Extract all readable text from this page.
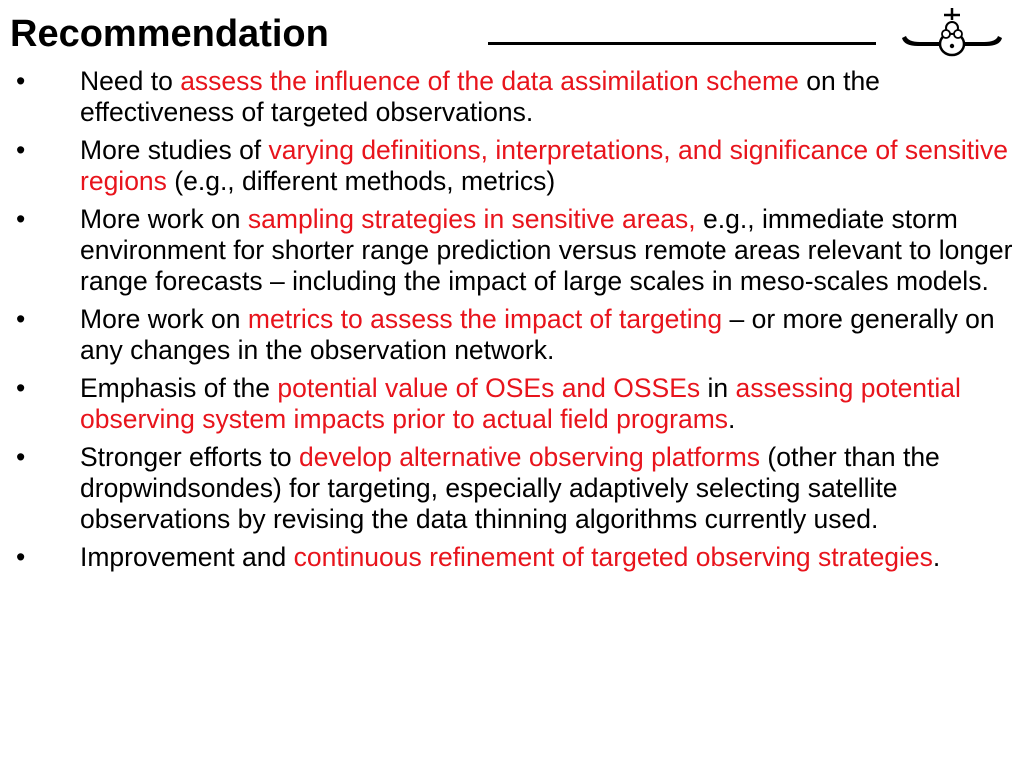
Recommendation
• Need to assess the influence of the data assimilation scheme on the effectiveness of targeted observations.
• More studies of varying definitions, interpretations, and significance of sensitive regions (e.g., different methods, metrics)
• More work on sampling strategies in sensitive areas, e.g., immediate storm environment for shorter range prediction versus remote areas relevant to longer range forecasts – including the impact of large scales in meso-scales models.
• More work on metrics to assess the impact of targeting – or more generally on any changes in the observation network.
• Emphasis of the potential value of OSEs and OSSEs in assessing potential observing system impacts prior to actual field programs.
• Stronger efforts to develop alternative observing platforms (other than the dropwindsondes) for targeting, especially adaptively selecting satellite observations by revising the data thinning algorithms currently used.
• Improvement and continuous refinement of targeted observing strategies.
